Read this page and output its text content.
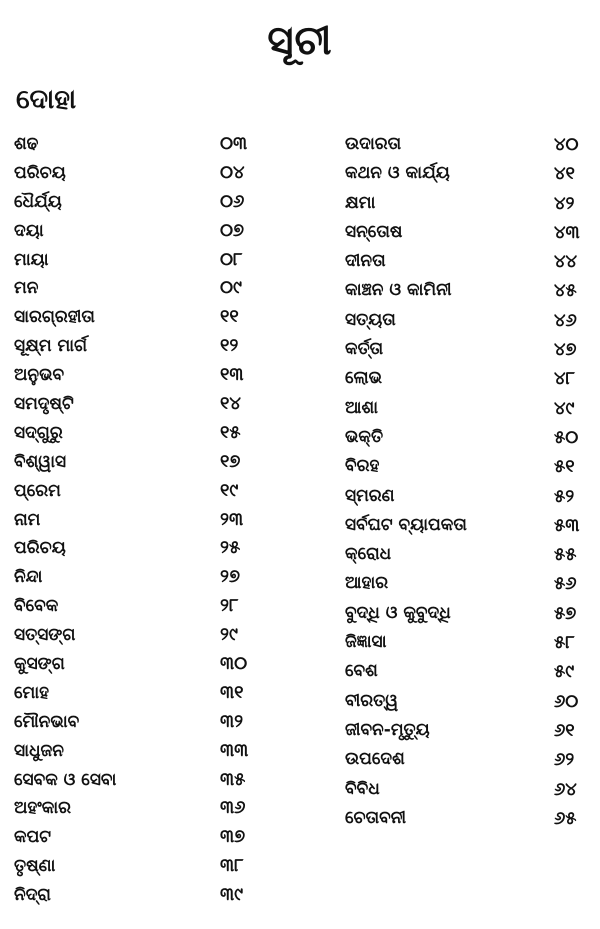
ସୂଚୀ
ଦୋହା
ଶଢ	୦୩
ପରିଚୟ	୦୪
ଧୈର୍ଯ୍ୟ	୦୬
ଦୟା	୦୭
ମାୟା	୦୮
ମନ	୦୯
ସାରଗ୍ରହୀତା	୧୧
ସୂକ୍ଷ୍ମ ମାର୍ଗ	୧୨
ଅନୁଭବ	୧୩
ସମଦୃଷ୍ଟି	୧୪
ସଦ୍‌ଗୁରୁ	୧୫
ବିଶ୍ୱାସ	୧୭
ପ୍ରେମ	୧୯
ନାମ	୨୩
ପରିଚୟ	୨୫
ନିନ୍ଦା	୨୭
ବିବେକ	୨୮
ସତ୍‌ସଙ୍ଗ	୨୯
କୁସଙ୍ଗ	୩୦
ମୋହ	୩୧
ମୌନଭାବ	୩୨
ସାଧୁଜନ	୩୩
ସେବକ ଓ ସେବା	୩୫
ଅହଂକାର	୩୬
କପଟ	୩୭
ତୃଷ୍ଣା	୩୮
ନିଦ୍ରା	୩୯
ଉଦାରତା	୪୦
କଥନ ଓ କାର୍ଯ୍ୟ	୪୧
କ୍ଷମା	୪୨
ସନ୍ତୋଷ	୪୩
ଦୀନତା	୪୪
କାଞ୍ଚନ ଓ କାମିନୀ	୪୫
ସତ୍ୟତା	୪୬
କର୍ତ୍ତା	୪୭
ଲୋଭ	୪୮
ଆଶା	୪୯
ଭକ୍ତି	୫୦
ବିରହ	୫୧
ସ୍ମରଣ	୫୨
ସର୍ବଘଟ ବ୍ୟାପକତା	୫୩
କ୍ରୋଧ	୫୫
ଆହାର	୫୬
ବୁଦ୍ଧି ଓ କୁବୁଦ୍ଧି	୫୭
ଜିଜ୍ଞାସା	୫୮
ବେଶ	୫୯
ବୀରତ୍ୱ	୬୦
ଜୀବନ-ମୃତ୍ୟୁ	୬୧
ଉପଦେଶ	୬୨
ବିବିଧ	୬୪
ଚେତାବନୀ	୬୫
